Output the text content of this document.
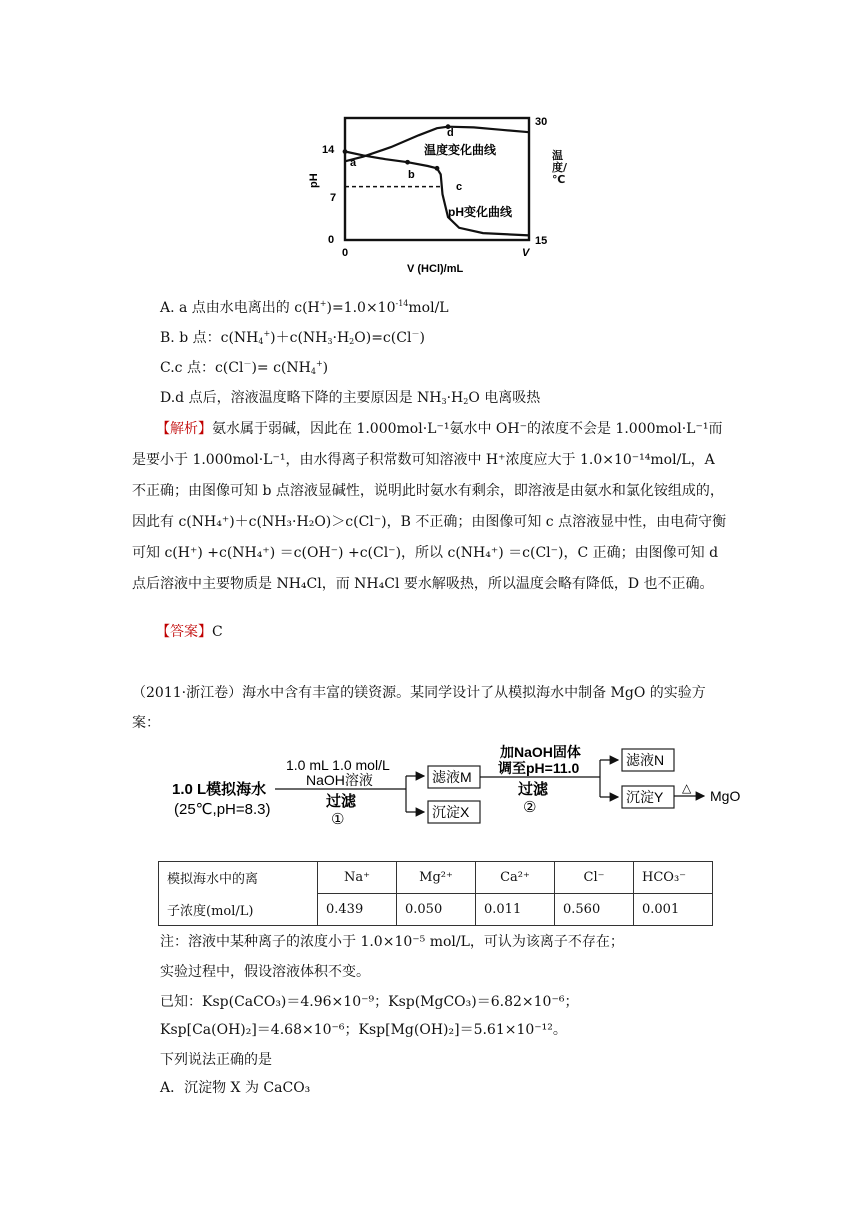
a
b
c
d
温度变化曲线
pH变化曲线
0
7
14
pH
30
15
0	V
V (HCl)/mL
温度/℃
A. a 点由水电离出的 $c(H^+)=1.0\times 10^{-14}mol/L$
B. b 点：$c(NH_4^+)+c(NH_3\cdot H_2O)=c(Cl^-)$
C.c 点：$c(Cl^-)= c(NH_4^+)$
D.d 点后，溶液温度略下降的主要原因是 $NH_3\cdot H_2O$ 电离吸热
【解析】氨水属于弱碱，因此在 1.000mol·L⁻¹氨水中 OH⁻的浓度不会是 1.000mol·L⁻¹而是要小于 1.000mol·L⁻¹，由水得离子积常数可知溶液中 H⁺浓度应大于 1.0×10⁻¹⁴mol/L，A 不正确；由图像可知 b 点溶液显碱性，说明此时氨水有剩余，即溶液是由氨水和氯化铵组成的，因此有 c(NH₄⁺)＋c(NH₃·H₂O)＞c(Cl⁻)，B 不正确；由图像可知 c 点溶液显中性，由电荷守衡可知 c(H⁺) +c(NH₄⁺) ＝c(OH⁻) +c(Cl⁻)，所以 c(NH₄⁺) ＝c(Cl⁻)，C 正确；由图像可知 d 点后溶液中主要物质是 NH₄Cl，而 NH₄Cl 要水解吸热，所以温度会略有降低，D 也不正确。
【答案】C
（2011·浙江卷）海水中含有丰富的镁资源。某同学设计了从模拟海水中制备 MgO 的实验方案：
1.0 L模拟海水
(25℃,pH=8.3)
1.0 mL 1.0 mol/L
NaOH溶液
过滤
①
滤液M
沉淀X
加NaOH固体
调至pH=11.0
过滤
②
滤液N
沉淀Y
△ MgO
模拟海水中的离	Na⁺	Mg²⁺	Ca²⁺	Cl⁻	HCO₃⁻
子浓度(mol/L)	0.439	0.050	0.011	0.560	0.001
注：溶液中某种离子的浓度小于 1.0×10⁻⁵ mol/L，可认为该离子不存在；
实验过程中，假设溶液体积不变。
已知：Ksp(CaCO₃)＝4.96×10⁻⁹；Ksp(MgCO₃)＝6.82×10⁻⁶；
Ksp[Ca(OH)₂]＝4.68×10⁻⁶；Ksp[Mg(OH)₂]＝5.61×10⁻¹²。
下列说法正确的是
A．沉淀物 X 为 CaCO₃
